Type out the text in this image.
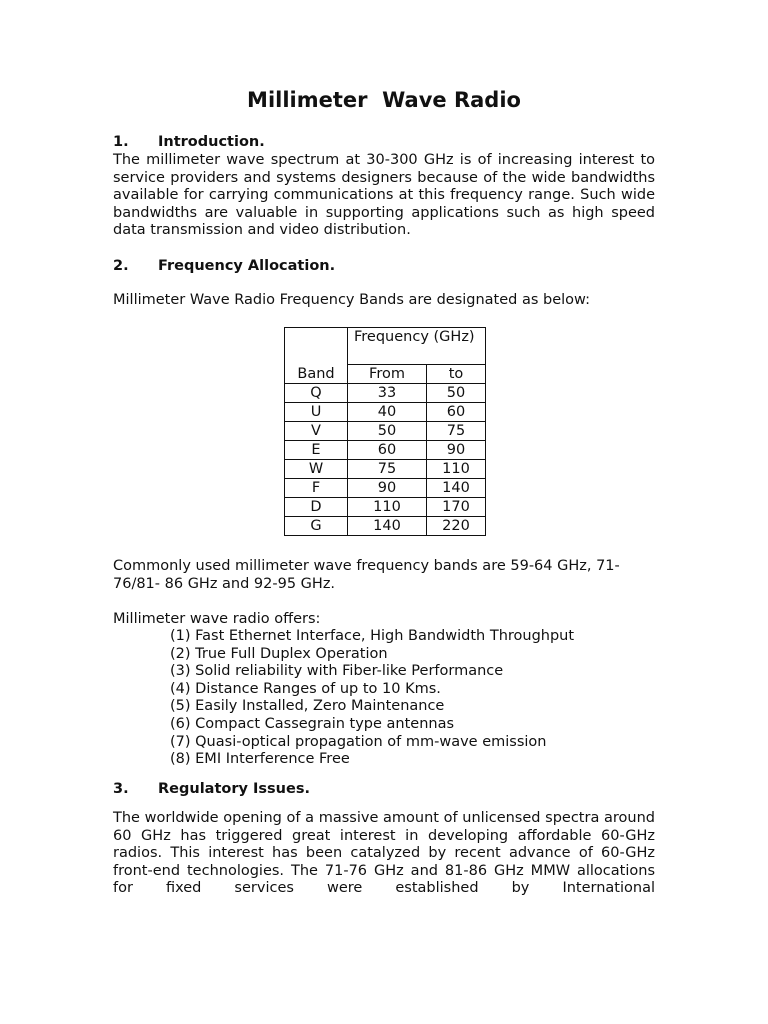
Millimeter  Wave Radio
1. Introduction.
The millimeter wave spectrum at 30-300 GHz is of increasing interest to service providers and systems designers because of the wide bandwidths available for carrying communications at this frequency range. Such wide bandwidths are valuable in supporting applications such as high speed data transmission and video distribution.
2. Frequency Allocation.
Millimeter Wave Radio Frequency Bands are designated as below:
Band	Frequency (GHz)	
	From	to
Q	33	50
U	40	60
V	50	75
E	60	90
W	75	110
F	90	140
D	110	170
G	140	220
Commonly used millimeter wave frequency bands are 59-64 GHz, 71-76/81- 86 GHz and 92-95 GHz.
Millimeter wave radio offers:
(1) Fast Ethernet Interface, High Bandwidth Throughput
(2) True Full Duplex Operation
(3) Solid reliability with Fiber-like Performance
(4) Distance Ranges of up to 10 Kms.
(5) Easily Installed, Zero Maintenance
(6) Compact Cassegrain type antennas
(7) Quasi-optical propagation of mm-wave emission
(8) EMI Interference Free
3. Regulatory Issues.
The worldwide opening of a massive amount of unlicensed spectra around 60 GHz has triggered great interest in developing affordable 60-GHz radios. This interest has been catalyzed by recent advance of 60-GHz front-end technologies. The 71-76 GHz and 81-86 GHz MMW allocations for fixed services were established by International
